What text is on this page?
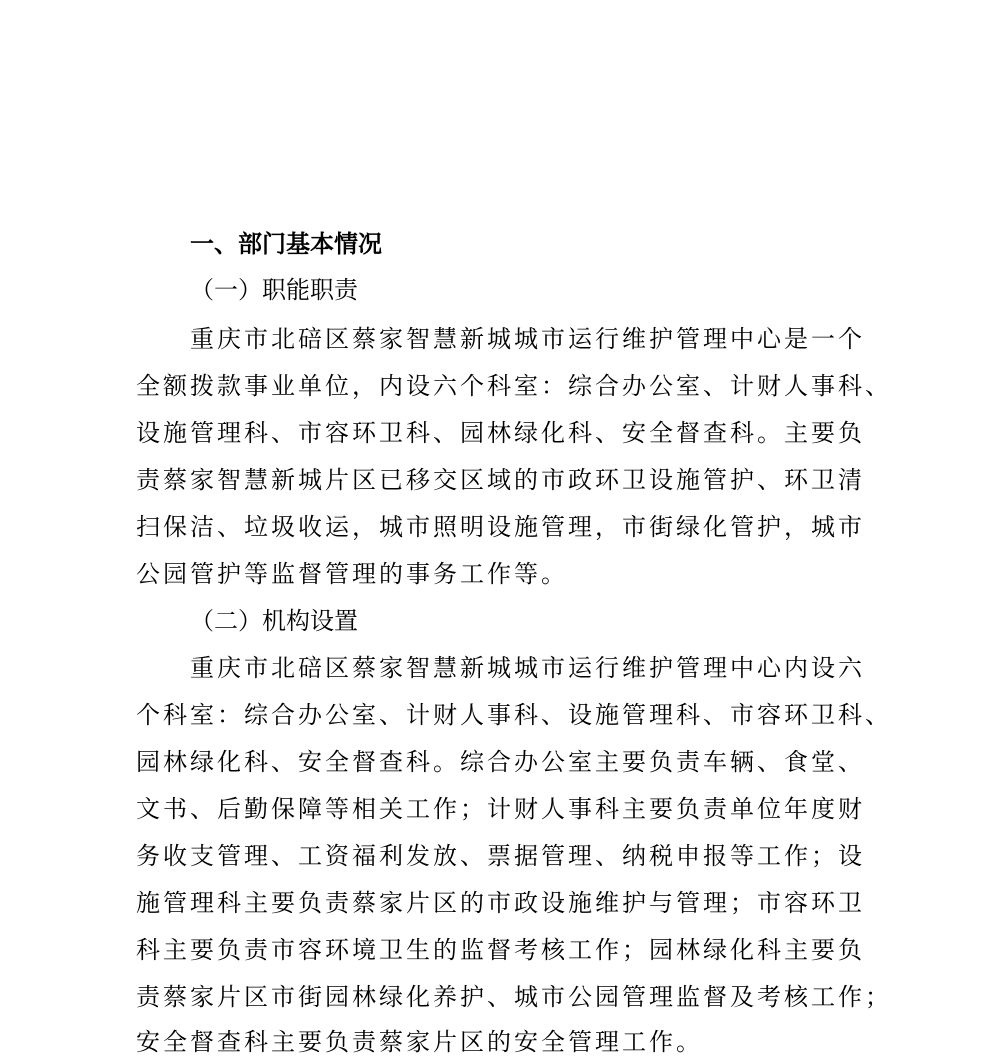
一、部门基本情况
（一）职能职责
重庆市北碚区蔡家智慧新城城市运行维护管理中心是一个
全额拨款事业单位，内设六个科室：综合办公室、计财人事科、
设施管理科、市容环卫科、园林绿化科、安全督查科。主要负
责蔡家智慧新城片区已移交区域的市政环卫设施管护、环卫清
扫保洁、垃圾收运，城市照明设施管理，市街绿化管护，城市
公园管护等监督管理的事务工作等。
（二）机构设置
重庆市北碚区蔡家智慧新城城市运行维护管理中心内设六
个科室：综合办公室、计财人事科、设施管理科、市容环卫科、
园林绿化科、安全督查科。综合办公室主要负责车辆、食堂、
文书、后勤保障等相关工作；计财人事科主要负责单位年度财
务收支管理、工资福利发放、票据管理、纳税申报等工作；设
施管理科主要负责蔡家片区的市政设施维护与管理；市容环卫
科主要负责市容环境卫生的监督考核工作；园林绿化科主要负
责蔡家片区市街园林绿化养护、城市公园管理监督及考核工作；
安全督查科主要负责蔡家片区的安全管理工作。
